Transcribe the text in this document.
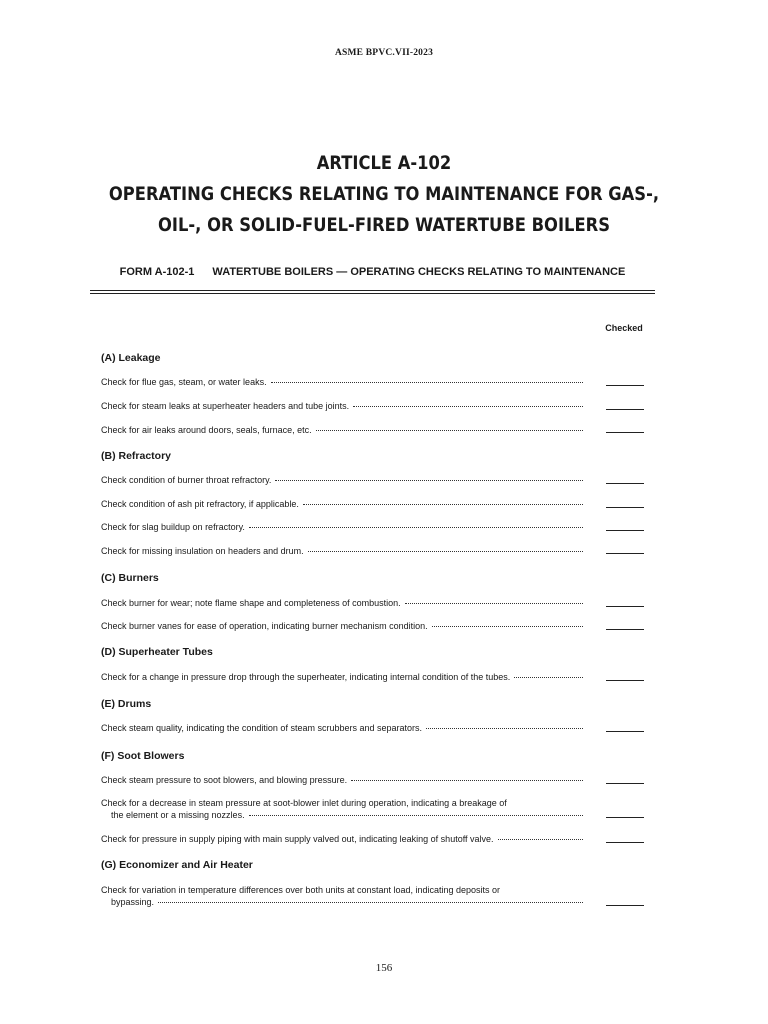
ASME BPVC.VII-2023
ARTICLE A-102
OPERATING CHECKS RELATING TO MAINTENANCE FOR GAS-,
OIL-, OR SOLID-FUEL-FIRED WATERTUBE BOILERS
FORM A-102-1 WATERTUBE BOILERS — OPERATING CHECKS RELATING TO MAINTENANCE
Checked
(A) Leakage
Check for flue gas, steam, or water leaks.
Check for steam leaks at superheater headers and tube joints.
Check for air leaks around doors, seals, furnace, etc.
(B) Refractory
Check condition of burner throat refractory.
Check condition of ash pit refractory, if applicable.
Check for slag buildup on refractory.
Check for missing insulation on headers and drum.
(C) Burners
Check burner for wear; note flame shape and completeness of combustion.
Check burner vanes for ease of operation, indicating burner mechanism condition.
(D) Superheater Tubes
Check for a change in pressure drop through the superheater, indicating internal condition of the tubes.
(E) Drums
Check steam quality, indicating the condition of steam scrubbers and separators.
(F) Soot Blowers
Check steam pressure to soot blowers, and blowing pressure.
Check for a decrease in steam pressure at soot-blower inlet during operation, indicating a breakage of
the element or a missing nozzles.
Check for pressure in supply piping with main supply valved out, indicating leaking of shutoff valve.
(G) Economizer and Air Heater
Check for variation in temperature differences over both units at constant load, indicating deposits or
bypassing.
156
